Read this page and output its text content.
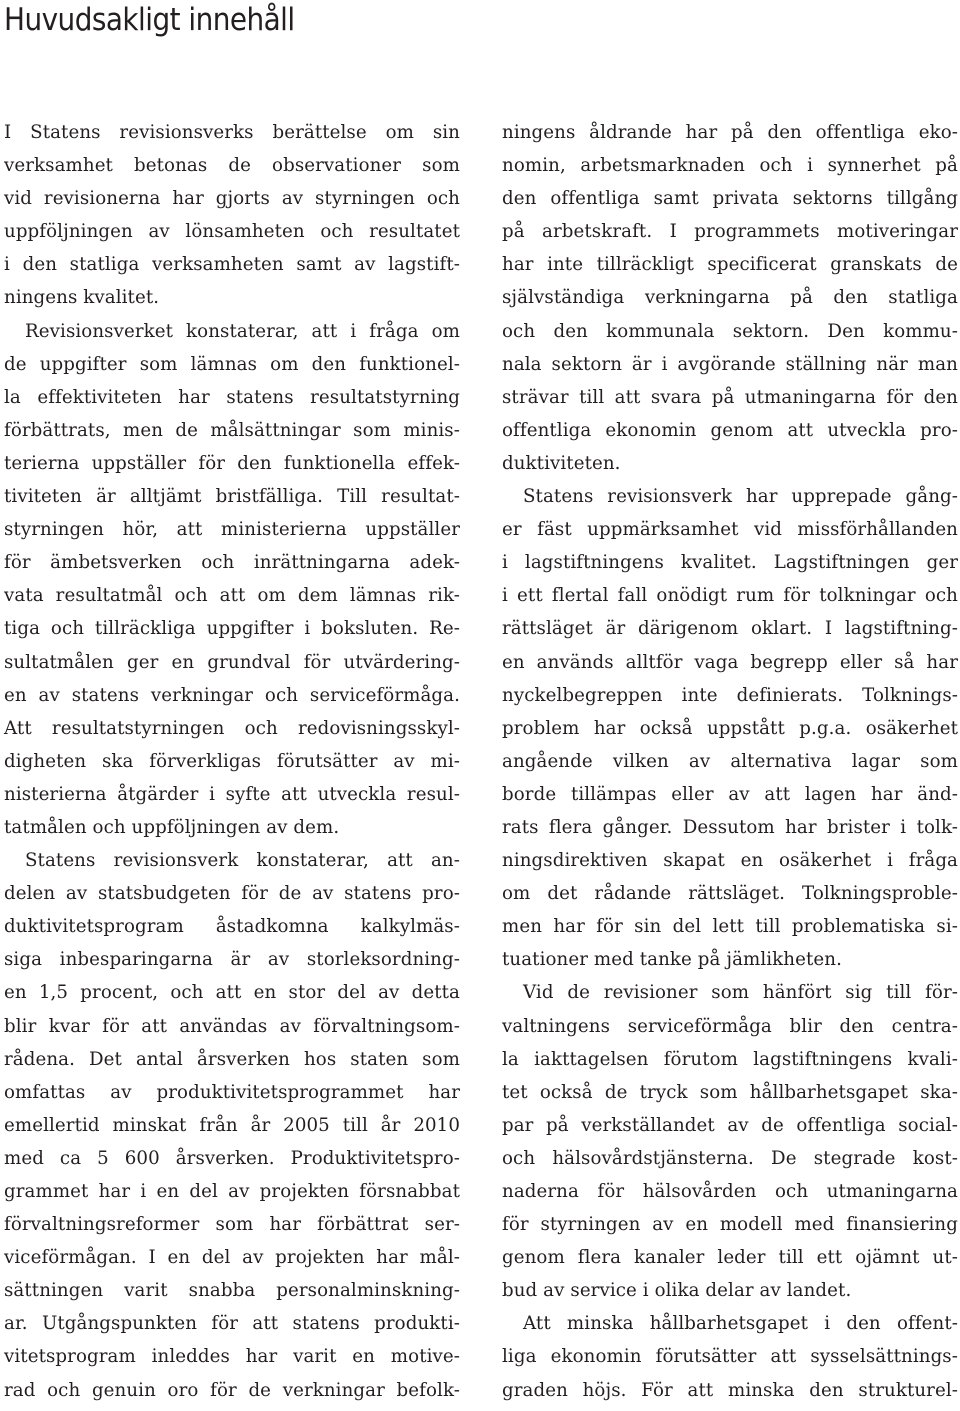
Huvudsakligt innehåll
I Statens revisionsverks berättelse om sin
verksamhet betonas de observationer som
vid revisionerna har gjorts av styrningen och
uppföljningen av lönsamheten och resultatet
i den statliga verksamheten samt av lagstift-
ningens kvalitet.
Revisionsverket konstaterar, att i fråga om
de uppgifter som lämnas om den funktionel-
la effektiviteten har statens resultatstyrning
förbättrats, men de målsättningar som minis-
terierna uppställer för den funktionella effek-
tiviteten är alltjämt bristfälliga. Till resultat-
styrningen hör, att ministerierna uppställer
för ämbetsverken och inrättningarna adek-
vata resultatmål och att om dem lämnas rik-
tiga och tillräckliga uppgifter i boksluten. Re-
sultatmålen ger en grundval för utvärdering-
en av statens verkningar och serviceförmåga.
Att resultatstyrningen och redovisningsskyl-
digheten ska förverkligas förutsätter av mi-
nisterierna åtgärder i syfte att utveckla resul-
tatmålen och uppföljningen av dem.
Statens revisionsverk konstaterar, att an-
delen av statsbudgeten för de av statens pro-
duktivitetsprogram åstadkomna kalkylmäs-
siga inbesparingarna är av storleksordning-
en 1,5 procent, och att en stor del av detta
blir kvar för att användas av förvaltningsom-
rådena. Det antal årsverken hos staten som
omfattas av produktivitetsprogrammet har
emellertid minskat från år 2005 till år 2010
med ca 5 600 årsverken. Produktivitetspro-
grammet har i en del av projekten försnabbat
förvaltningsreformer som har förbättrat ser-
viceförmågan. I en del av projekten har mål-
sättningen varit snabba personalminskning-
ar. Utgångspunkten för att statens produkti-
vitetsprogram inleddes har varit en motive-
rad och genuin oro för de verkningar befolk-
ningens åldrande har på den offentliga eko-
nomin, arbetsmarknaden och i synnerhet på
den offentliga samt privata sektorns tillgång
på arbetskraft. I programmets motiveringar
har inte tillräckligt specificerat granskats de
självständiga verkningarna på den statliga
och den kommunala sektorn. Den kommu-
nala sektorn är i avgörande ställning när man
strävar till att svara på utmaningarna för den
offentliga ekonomin genom att utveckla pro-
duktiviteten.
Statens revisionsverk har upprepade gång-
er fäst uppmärksamhet vid missförhållanden
i lagstiftningens kvalitet. Lagstiftningen ger
i ett flertal fall onödigt rum för tolkningar och
rättsläget är därigenom oklart. I lagstiftning-
en används alltför vaga begrepp eller så har
nyckelbegreppen inte definierats. Tolknings-
problem har också uppstått p.g.a. osäkerhet
angående vilken av alternativa lagar som
borde tillämpas eller av att lagen har änd-
rats flera gånger. Dessutom har brister i tolk-
ningsdirektiven skapat en osäkerhet i fråga
om det rådande rättsläget. Tolkningsproble-
men har för sin del lett till problematiska si-
tuationer med tanke på jämlikheten.
Vid de revisioner som hänfört sig till för-
valtningens serviceförmåga blir den centra-
la iakttagelsen förutom lagstiftningens kvali-
tet också de tryck som hållbarhetsgapet ska-
par på verkställandet av de offentliga social-
och hälsovårdstjänsterna. De stegrade kost-
naderna för hälsovården och utmaningarna
för styrningen av en modell med finansiering
genom flera kanaler leder till ett ojämnt ut-
bud av service i olika delar av landet.
Att minska hållbarhetsgapet i den offent-
liga ekonomin förutsätter att sysselsättnings-
graden höjs. För att minska den strukturel-
